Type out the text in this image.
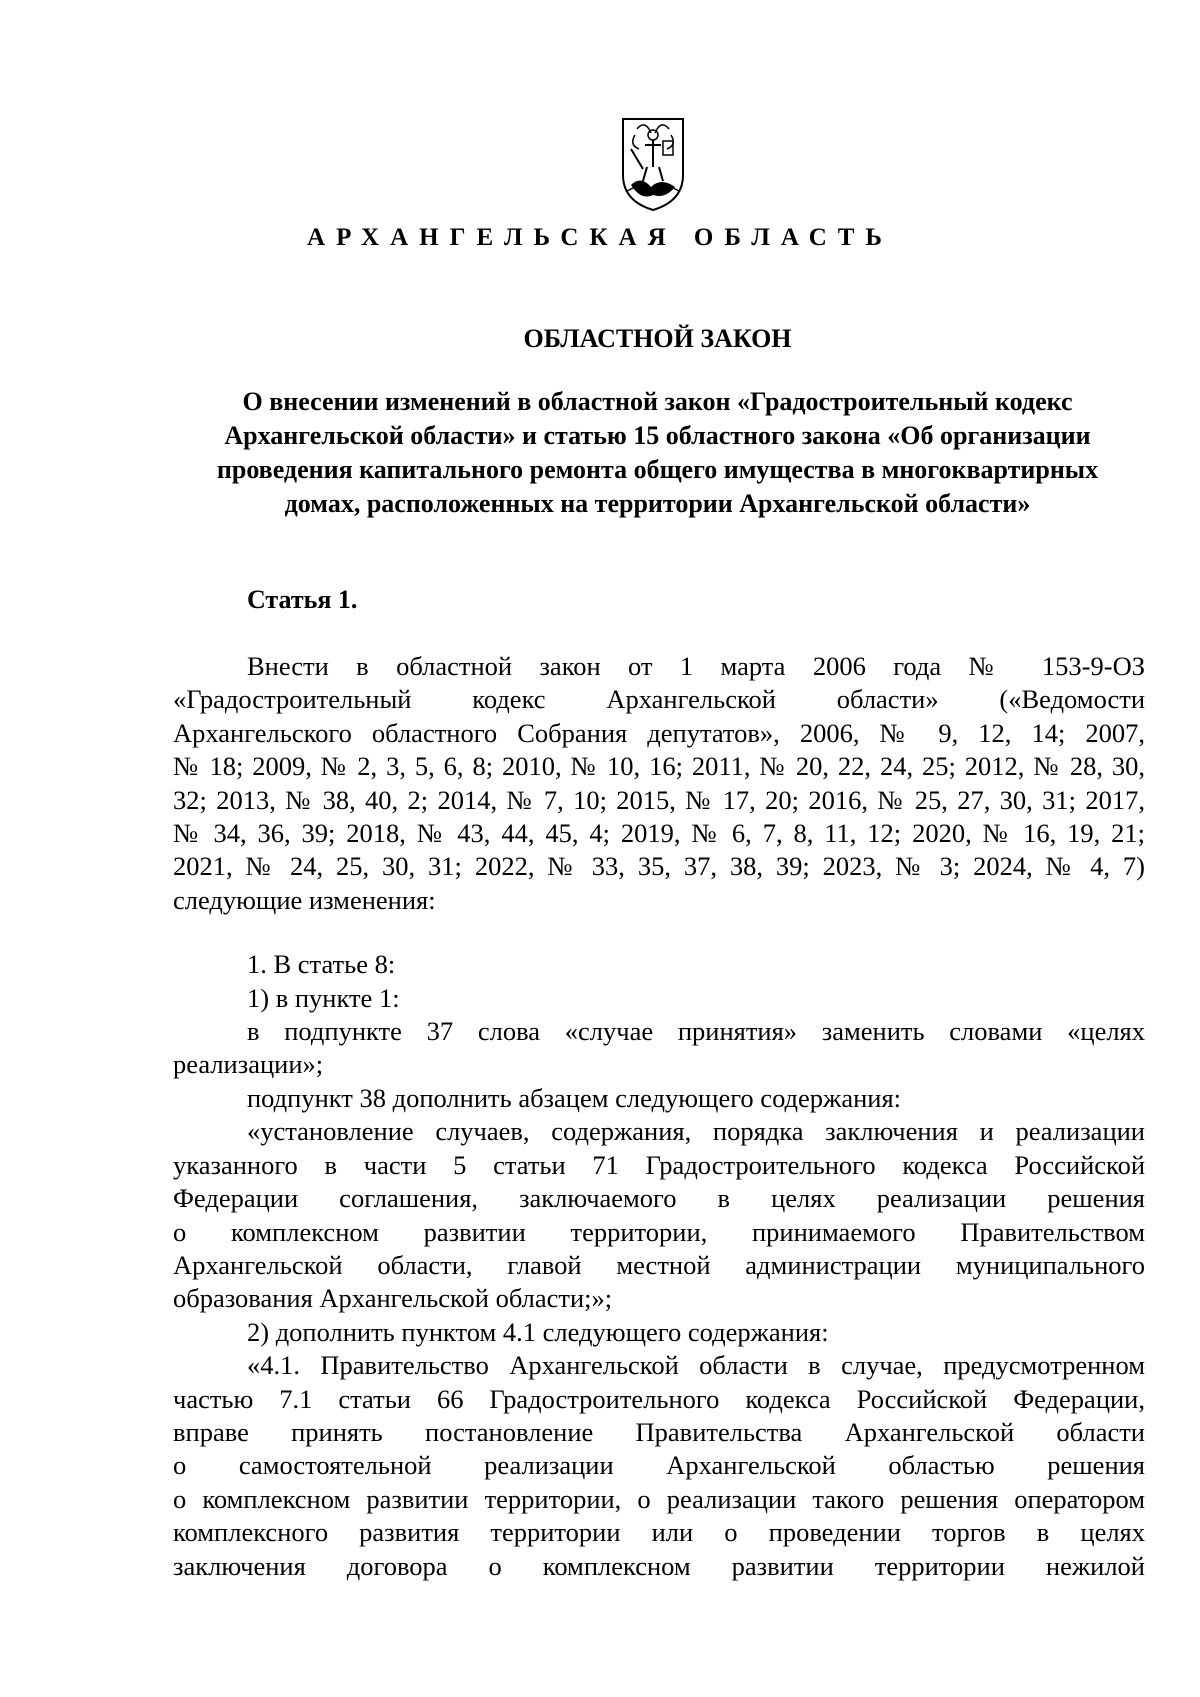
АРХАНГЕЛЬСКАЯ ОБЛАСТЬ
ОБЛАСТНОЙ ЗАКОН
О внесении изменений в областной закон «Градостроительный кодекс
Архангельской области» и статью 15 областного закона «Об организации
проведения капитального ремонта общего имущества в многоквартирных
домах, расположенных на территории Архангельской области»
Статья 1.

Внести в областной закон от 1 марта 2006 года № 153-9-ОЗ

«Градостроительный кодекс Архангельской области» («Ведомости

Архангельского областного Собрания депутатов», 2006, № 9, 12, 14; 2007,

№ 18; 2009, № 2, 3, 5, 6, 8; 2010, № 10, 16; 2011, № 20, 22, 24, 25; 2012, № 28, 30,

32; 2013, № 38, 40, 2; 2014, № 7, 10; 2015, № 17, 20; 2016, № 25, 27, 30, 31; 2017,

№ 34, 36, 39; 2018, № 43, 44, 45, 4; 2019, № 6, 7, 8, 11, 12; 2020, № 16, 19, 21;

2021, № 24, 25, 30, 31; 2022, № 33, 35, 37, 38, 39; 2023, № 3; 2024, № 4, 7)

следующие изменения:

1. В статье 8:

1) в пункте 1:

в подпункте 37 слова «случае принятия» заменить словами «целях

реализации»;

подпункт 38 дополнить абзацем следующего содержания:

«установление случаев, содержания, порядка заключения и реализации

указанного в части 5 статьи 71 Градостроительного кодекса Российской

Федерации соглашения, заключаемого в целях реализации решения

о комплексном развитии территории, принимаемого Правительством

Архангельской области, главой местной администрации муниципального

образования Архангельской области;»;

2) дополнить пунктом 4.1 следующего содержания:

«4.1. Правительство Архангельской области в случае, предусмотренном

частью 7.1 статьи 66 Градостроительного кодекса Российской Федерации,

вправе принять постановление Правительства Архангельской области

о самостоятельной реализации Архангельской областью решения

о комплексном развитии территории, о реализации такого решения оператором

комплексного развития территории или о проведении торгов в целях

заключения договора о комплексном развитии территории нежилой
